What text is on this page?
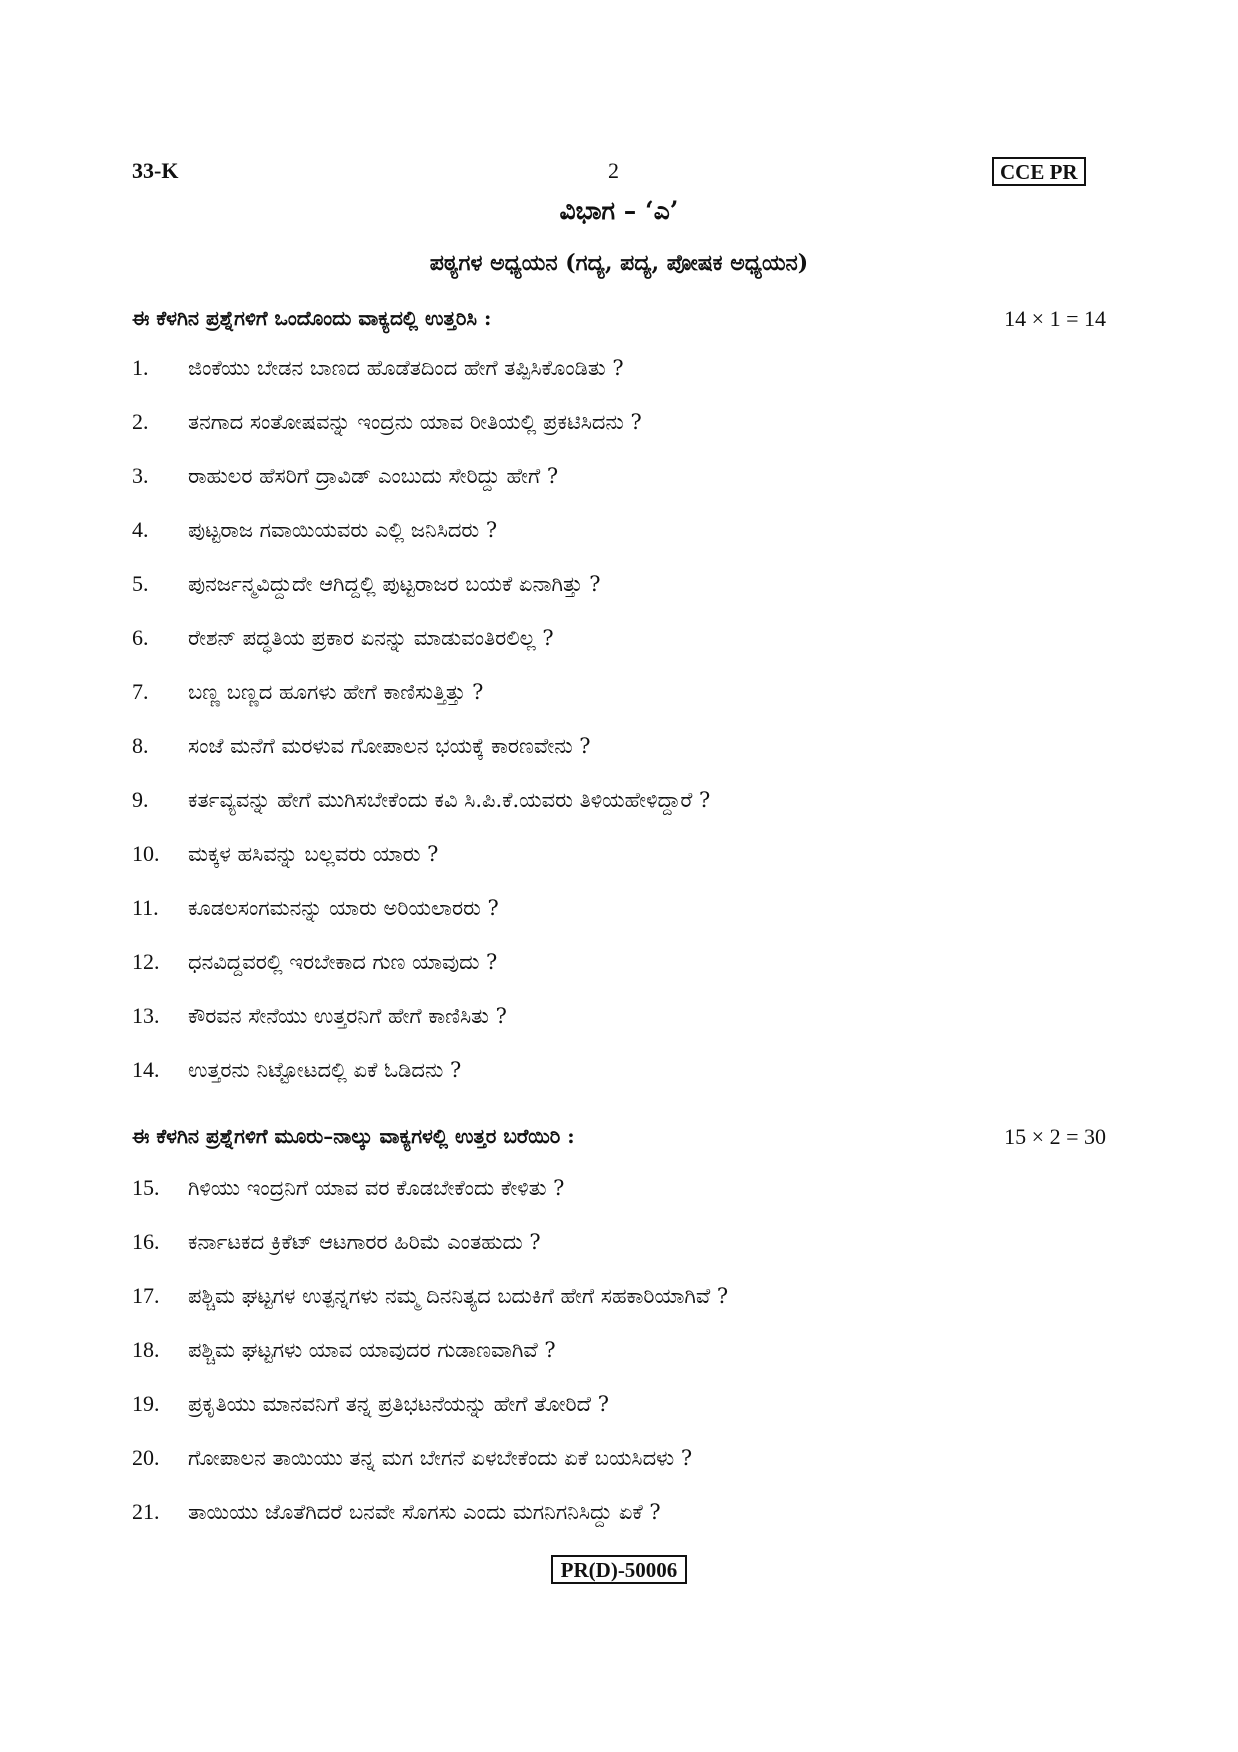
33-K	2	CCE PR
ವಿಭಾಗ – ‘ಎ’
ಪಠ್ಯಗಳ ಅಧ್ಯಯನ (ಗದ್ಯ, ಪದ್ಯ, ಪೋಷಕ ಅಧ್ಯಯನ)
ಈ ಕೆಳಗಿನ ಪ್ರಶ್ನೆಗಳಿಗೆ ಒಂದೊಂದು ವಾಕ್ಯದಲ್ಲಿ ಉತ್ತರಿಸಿ :	14 × 1 = 14
1.	ಜಿಂಕೆಯು ಬೇಡನ ಬಾಣದ ಹೊಡೆತದಿಂದ ಹೇಗೆ ತಪ್ಪಿಸಿಕೊಂಡಿತು ?
2.	ತನಗಾದ ಸಂತೋಷವನ್ನು ಇಂದ್ರನು ಯಾವ ರೀತಿಯಲ್ಲಿ ಪ್ರಕಟಿಸಿದನು ?
3.	ರಾಹುಲರ ಹೆಸರಿಗೆ ದ್ರಾವಿಡ್ ಎಂಬುದು ಸೇರಿದ್ದು ಹೇಗೆ ?
4.	ಪುಟ್ಟರಾಜ ಗವಾಯಿಯವರು ಎಲ್ಲಿ ಜನಿಸಿದರು ?
5.	ಪುನರ್ಜನ್ಮವಿದ್ದುದೇ ಆಗಿದ್ದಲ್ಲಿ ಪುಟ್ಟರಾಜರ ಬಯಕೆ ಏನಾಗಿತ್ತು ?
6.	ರೇಶನ್ ಪದ್ಧತಿಯ ಪ್ರಕಾರ ಏನನ್ನು ಮಾಡುವಂತಿರಲಿಲ್ಲ ?
7.	ಬಣ್ಣ ಬಣ್ಣದ ಹೂಗಳು ಹೇಗೆ ಕಾಣಿಸುತ್ತಿತ್ತು ?
8.	ಸಂಜೆ ಮನೆಗೆ ಮರಳುವ ಗೋಪಾಲನ ಭಯಕ್ಕೆ ಕಾರಣವೇನು ?
9.	ಕರ್ತವ್ಯವನ್ನು ಹೇಗೆ ಮುಗಿಸಬೇಕೆಂದು ಕವಿ ಸಿ.ಪಿ.ಕೆ.ಯವರು ತಿಳಿಯಹೇಳಿದ್ದಾರೆ ?
10.	ಮಕ್ಕಳ ಹಸಿವನ್ನು ಬಲ್ಲವರು ಯಾರು ?
11.	ಕೂಡಲಸಂಗಮನನ್ನು ಯಾರು ಅರಿಯಲಾರರು ?
12.	ಧನವಿದ್ದವರಲ್ಲಿ ಇರಬೇಕಾದ ಗುಣ ಯಾವುದು ?
13.	ಕೌರವನ ಸೇನೆಯು ಉತ್ತರನಿಗೆ ಹೇಗೆ ಕಾಣಿಸಿತು ?
14.	ಉತ್ತರನು ನಿಟ್ಟೋಟದಲ್ಲಿ ಏಕೆ ಓಡಿದನು ?
ಈ ಕೆಳಗಿನ ಪ್ರಶ್ನೆಗಳಿಗೆ ಮೂರು–ನಾಲ್ಕು ವಾಕ್ಯಗಳಲ್ಲಿ ಉತ್ತರ ಬರೆಯಿರಿ :	15 × 2 = 30
15.	ಗಿಳಿಯು ಇಂದ್ರನಿಗೆ ಯಾವ ವರ ಕೊಡಬೇಕೆಂದು ಕೇಳಿತು ?
16.	ಕರ್ನಾಟಕದ ಕ್ರಿಕೆಟ್ ಆಟಗಾರರ ಹಿರಿಮೆ ಎಂತಹುದು ?
17.	ಪಶ್ಚಿಮ ಘಟ್ಟಗಳ ಉತ್ಪನ್ನಗಳು ನಮ್ಮ ದಿನನಿತ್ಯದ ಬದುಕಿಗೆ ಹೇಗೆ ಸಹಕಾರಿಯಾಗಿವೆ ?
18.	ಪಶ್ಚಿಮ ಘಟ್ಟಗಳು ಯಾವ ಯಾವುದರ ಗುಡಾಣವಾಗಿವೆ ?
19.	ಪ್ರಕೃತಿಯು ಮಾನವನಿಗೆ ತನ್ನ ಪ್ರತಿಭಟನೆಯನ್ನು ಹೇಗೆ ತೋರಿದೆ ?
20.	ಗೋಪಾಲನ ತಾಯಿಯು ತನ್ನ ಮಗ ಬೇಗನೆ ಏಳಬೇಕೆಂದು ಏಕೆ ಬಯಸಿದಳು ?
21.	ತಾಯಿಯು ಜೊತೆಗಿದರೆ ಬನವೇ ಸೊಗಸು ಎಂದು ಮಗನಿಗನಿಸಿದ್ದು ಏಕೆ ?
PR(D)-50006
